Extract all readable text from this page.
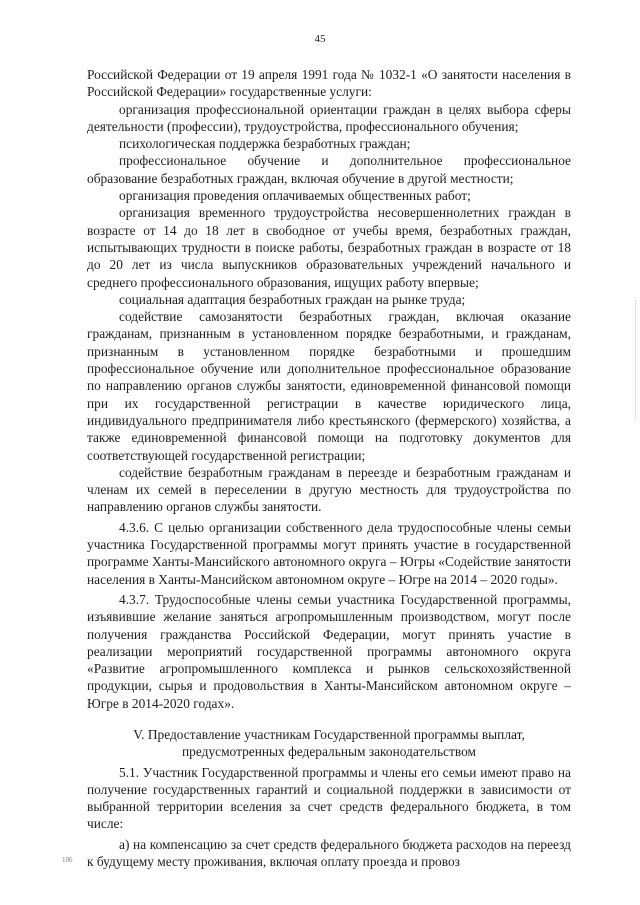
45

Российской Федерации от 19 апреля 1991 года № 1032-1 «О занятости населения в Российской Федерации» государственные услуги:

организация профессиональной ориентации граждан в целях выбора сферы деятельности (профессии), трудоустройства, профессионального обучения;

психологическая поддержка безработных граждан;

профессиональное обучение и дополнительное профессиональное образование безработных граждан, включая обучение в другой местности;

организация проведения оплачиваемых общественных работ;

организация временного трудоустройства несовершеннолетних граждан в возрасте от 14 до 18 лет в свободное от учебы время, безработных граждан, испытывающих трудности в поиске работы, безработных граждан в возрасте от 18 до 20 лет из числа выпускников образовательных учреждений начального и среднего профессионального образования, ищущих работу впервые;

социальная адаптация безработных граждан на рынке труда;

содействие самозанятости безработных граждан, включая оказание гражданам, признанным в установленном порядке безработными, и гражданам, признанным в установленном порядке безработными и прошедшим профессиональное обучение или дополнительное профессиональное образование по направлению органов службы занятости, единовременной финансовой помощи при их государственной регистрации в качестве юридического лица, индивидуального предпринимателя либо крестьянского (фермерского) хозяйства, а также единовременной финансовой помощи на подготовку документов для соответствующей государственной регистрации;

содействие безработным гражданам в переезде и безработным гражданам и членам их семей в переселении в другую местность для трудоустройства по направлению органов службы занятости.

4.3.6. С целью организации собственного дела трудоспособные члены семьи участника Государственной программы могут принять участие в государственной программе Ханты-Мансийского автономного округа – Югры «Содействие занятости населения в Ханты-Мансийском автономном округе – Югре на 2014 – 2020 годы».

4.3.7. Трудоспособные члены семьи участника Государственной программы, изъявившие желание заняться агропромышленным производством, могут после получения гражданства Российской Федерации, могут принять участие в реализации мероприятий государственной программы автономного округа «Развитие агропромышленного комплекса и рынков сельскохозяйственной продукции, сырья и продовольствия в Ханты-Мансийском автономном округе – Югре в 2014-2020 годах».

V. Предоставление участникам Государственной программы выплат, предусмотренных федеральным законодательством

5.1. Участник Государственной программы и члены его семьи имеют право на получение государственных гарантий и социальной поддержки в зависимости от выбранной территории вселения за счет средств федерального бюджета, в том числе:

а) на компенсацию за счет средств федерального бюджета расходов на переезд к будущему месту проживания, включая оплату проезда и провоз

106
